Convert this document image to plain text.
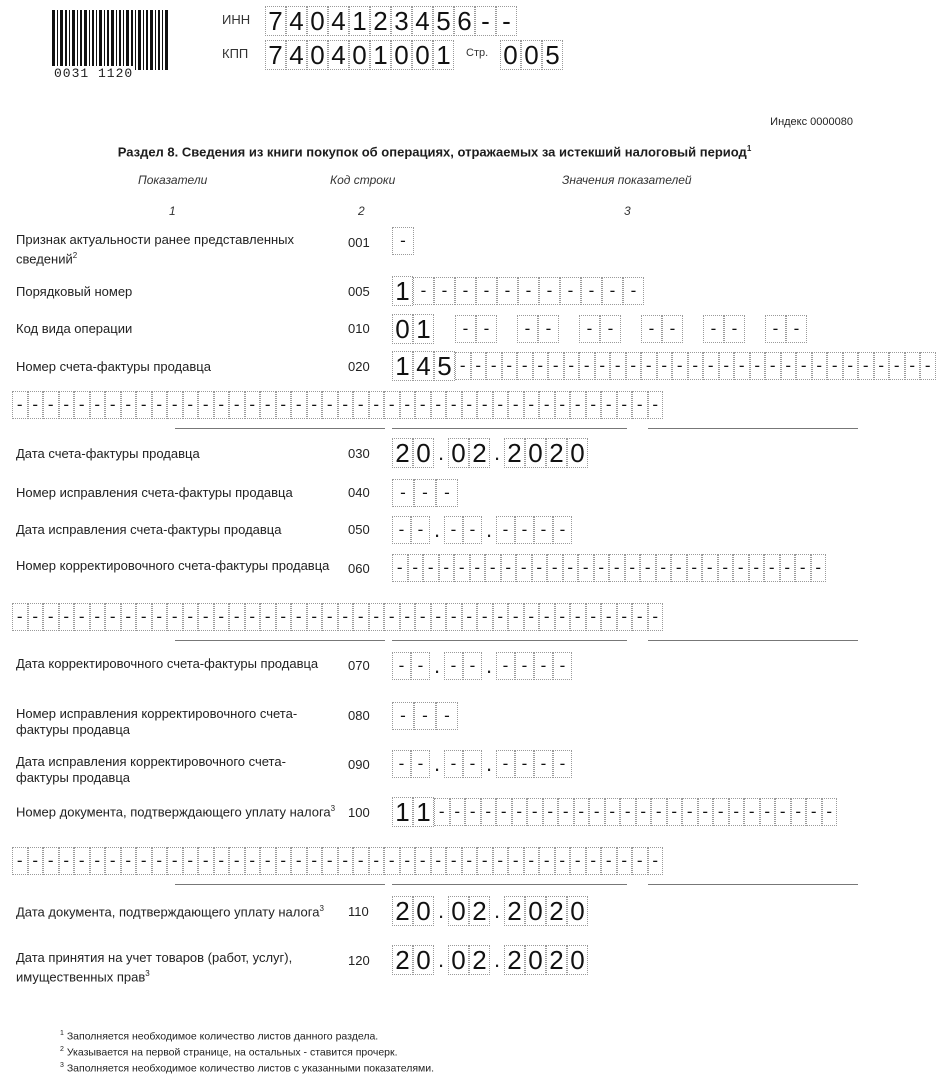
0031 1120
ИНН 7 4 0 4 1 2 3 4 5 6 - -
КПП 7 4 0 4 0 1 0 0 1 Стр. 0 0 5
Индекс 0000080
Раздел 8. Сведения из книги покупок об операциях, отражаемых за истекший налоговый период$^1$
Показатели	Код строки	Значения показателей
1	2	3
Признак актуальности ранее представленных сведений$^2$
001	-
Порядковый номер	005 1 - - - - - - - - - - -
Код вида операции	010 0 1	- -	- -	- -	- -	- -	- -
Номер счета-фактуры продавца	020 1 4 5 - - - - - - - - - - - - - - - - - - - - - - - - - - - - - - -
- - - - - - - - - - - - - - - - - - - - - - - - - - - - - - - - - - - - - - - - - -
Дата счета-фактуры продавца	030 2 0 . 0 2 . 2 0 2 0
Номер исправления счета-фактуры продавца	040	- - -
Дата исправления счета-фактуры продавца	050	- - . - - . - - - -
Номер корректировочного счета-фактуры продавца	060 - - - - - - - - - - - - - - - - - - - - - - - - - - - -
- - - - - - - - - - - - - - - - - - - - - - - - - - - - - - - - - - - - - - - - - -
Дата корректировочного счета-фактуры продавца	070	- - . - - . - - - -
Номер исправления корректировочного счета-фактуры продавца
080	- - -
Дата исправления корректировочного счета-фактуры продавца
090	- - . - - . - - - -
Номер документа, подтверждающего уплату налога$^3$ 100 1 1 - - - - - - - - - - - - - - - - - - - - - - - - - -
- - - - - - - - - - - - - - - - - - - - - - - - - - - - - - - - - - - - - - - - - -
Дата документа, подтверждающего уплату налога$^3$	110 2 0 . 0 2 . 2 0 2 0
Дата принятия на учет товаров (работ, услуг), имущественных прав$^3$
120 2 0 . 0 2 . 2 0 2 0
$^1$ Заполняется необходимое количество листов данного раздела.
$^2$ Указывается на первой странице, на остальных - ставится прочерк.
$^3$ Заполняется необходимое количество листов с указанными показателями.
